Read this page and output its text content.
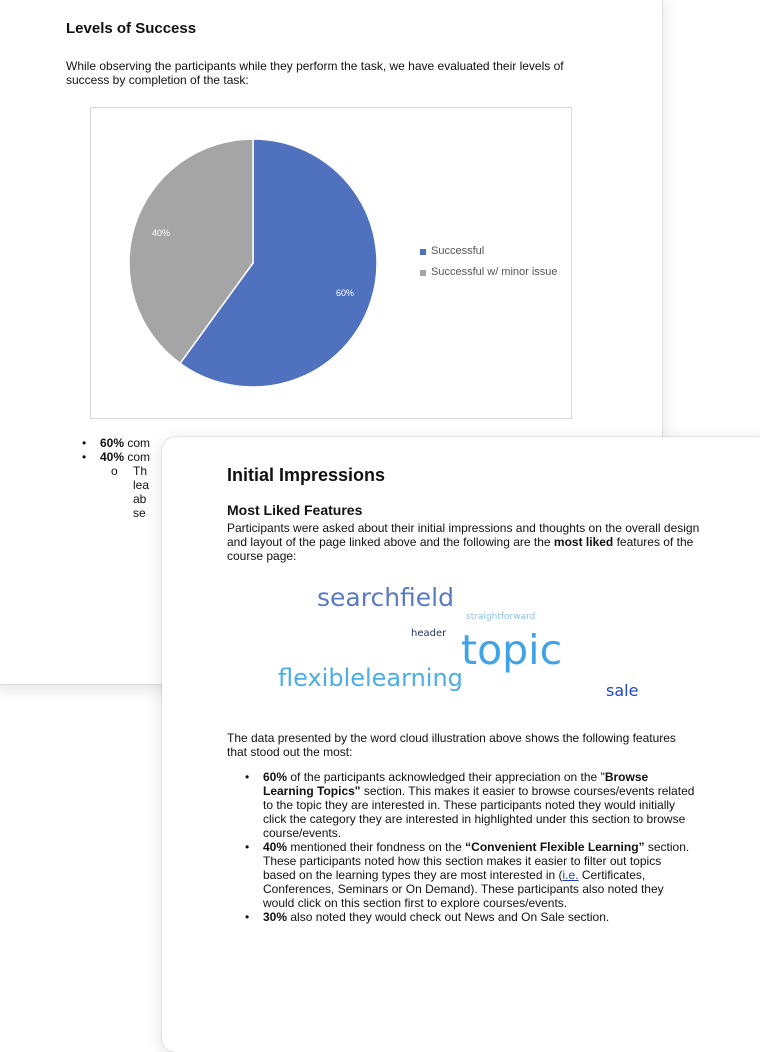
Levels of Success

While observing the participants while they perform the task, we have evaluated their levels of success by completion of the task:

60%
40%
Successful
Successful w/ minor issue
•	60% com
•	40% com
o	Th
lea
ab
se
Initial Impressions
Most Liked Features

Participants were asked about their initial impressions and thoughts on the overall design and layout of the page linked above and the following are the most liked features of the course page:

searchfield
straightforward
header topic
flexiblelearning	sale

The data presented by the word cloud illustration above shows the following features that stood out the most:

•	60% of the participants acknowledged their appreciation on the "Browse Learning Topics" section. This makes it easier to browse courses/events related to the topic they are interested in. These participants noted they would initially click the category they are interested in highlighted under this section to browse course/events.
•	40% mentioned their fondness on the “Convenient Flexible Learning” section. These participants noted how this section makes it easier to filter out topics based on the learning types they are most interested in (i.e. Certificates, Conferences, Seminars or On Demand). These participants also noted they would click on this section first to explore courses/events.
•	30% also noted they would check out News and On Sale section.
